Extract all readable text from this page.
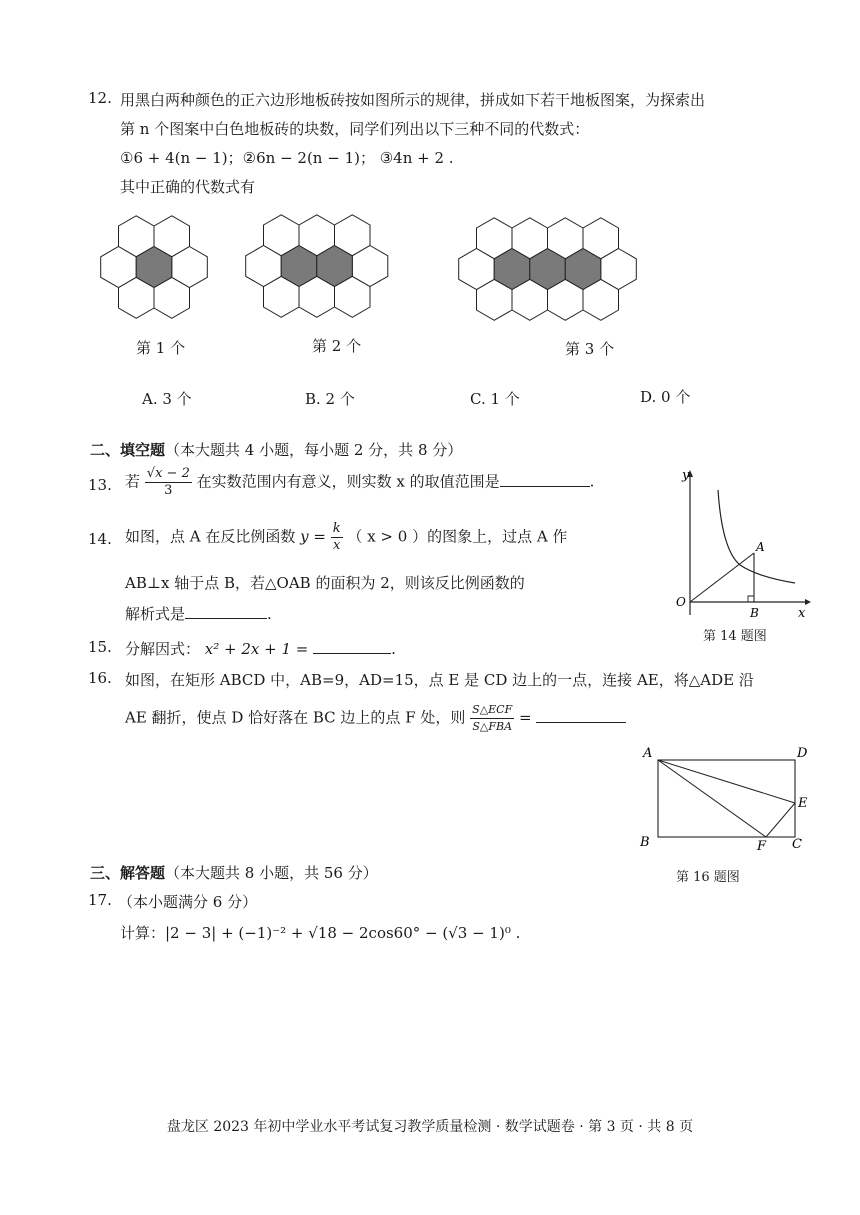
12. 用黑白两种颜色的正六边形地板砖按如图所示的规律，拼成如下若干地板图案，为探索出
第 n 个图案中白色地板砖的块数，同学们列出以下三种不同的代数式：
①6 + 4(n − 1)；②6n − 2(n − 1)； ③4n + 2 .
其中正确的代数式有
第 1 个	第 2 个	第 3 个
A. 3 个	B. 2 个	C. 1 个	D. 0 个
二、填空题（本大题共 4 小题，每小题 2 分，共 8 分）
13. 若 $\frac{√x - 2}{3}$ 在实数范围内有意义，则实数 x 的取值范围是	.
14. 如图，点 A 在反比例函数 $y = \frac{k}{x}$ （ x > 0 ）的图象上，过点 A 作
AB⊥x 轴于点 B，若△OAB 的面积为 2，则该反比例函数的
解析式是	.
y
x
O
A
B
第 14 题图
15. 分解因式： x² + 2x + 1 =	.
16. 如图，在矩形 ABCD 中，AB=9，AD=15，点 E 是 CD 边上的一点，连接 AE，将△ADE 沿
AE 翻折，使点 D 恰好落在 BC 边上的点 F 处，则 $\frac{\text{S△ECF}}{\text{S△FBA}}$ =
A	D
E
B	F C
第 16 题图
三、解答题（本大题共 8 小题，共 56 分）
17. （本小题满分 6 分）
计算：|2 − 3| + (−1)⁻² + √18 − 2cos60° − (√3 − 1)⁰ .
盘龙区 2023 年初中学业水平考试复习教学质量检测 · 数学试题卷 · 第 3 页 · 共 8 页
